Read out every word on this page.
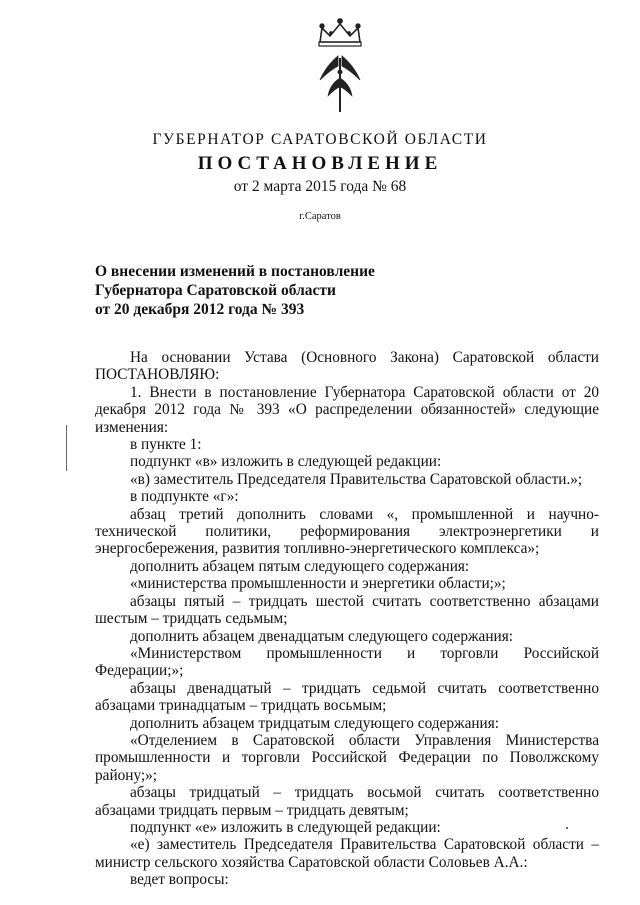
ГУБЕРНАТОР САРАТОВСКОЙ ОБЛАСТИ
ПОСТАНОВЛЕНИЕ
от 2 марта 2015 года № 68
г.Саратов
О внесении изменений в постановление
Губернатора Саратовской области
от 20 декабря 2012 года № 393

На основании Устава (Основного Закона) Саратовской области

ПОСТАНОВЛЯЮ:

1. Внести в постановление Губернатора Саратовской области от 20 декабря 2012 года № 393 «О распределении обязанностей» следующие изменения:

в пункте 1:

подпункт «в» изложить в следующей редакции:

«в) заместитель Председателя Правительства Саратовской области.»;

в подпункте «г»:

абзац третий дополнить словами «, промышленной и научно-технической политики, реформирования электроэнергетики и энергосбережения, развития топливно-энергетического комплекса»;

дополнить абзацем пятым следующего содержания:

«министерства промышленности и энергетики области;»;

абзацы пятый – тридцать шестой считать соответственно абзацами шестым – тридцать седьмым;

дополнить абзацем двенадцатым следующего содержания:

«Министерством промышленности и торговли Российской Федерации;»;

абзацы двенадцатый – тридцать седьмой считать соответственно абзацами тринадцатым – тридцать восьмым;

дополнить абзацем тридцатым следующего содержания:

«Отделением в Саратовской области Управления Министерства промышленности и торговли Российской Федерации по Поволжскому району;»;

абзацы тридцатый – тридцать восьмой считать соответственно абзацами тридцать первым – тридцать девятым;

подпункт «е» изложить в следующей редакции:

«е) заместитель Председателя Правительства Саратовской области – министр сельского хозяйства Саратовской области Соловьев А.А.:

ведет вопросы:
